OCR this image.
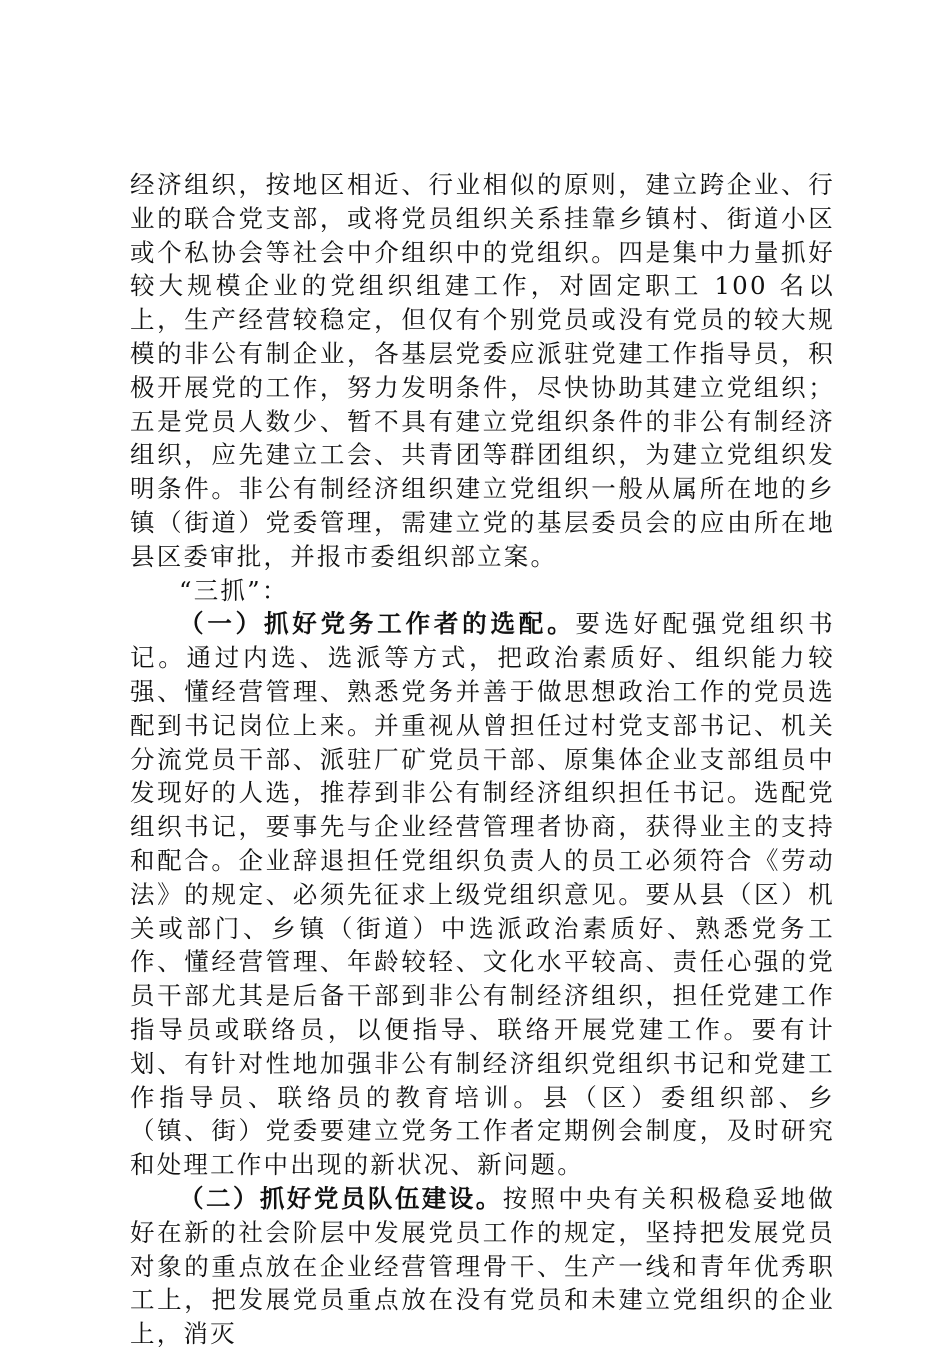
经济组织，按地区相近、行业相似的原则，建立跨企业、行业的联合党支部，或将党员组织关系挂靠乡镇村、街道小区或个私协会等社会中介组织中的党组织。四是集中力量抓好较大规模企业的党组织组建工作，对固定职工 100 名以上，生产经营较稳定，但仅有个别党员或没有党员的较大规模的非公有制企业，各基层党委应派驻党建工作指导员，积极开展党的工作，努力发明条件，尽快协助其建立党组织；五是党员人数少、暂不具有建立党组织条件的非公有制经济组织，应先建立工会、共青团等群团组织，为建立党组织发明条件。非公有制经济组织建立党组织一般从属所在地的乡镇（街道）党委管理，需建立党的基层委员会的应由所在地县区委审批，并报市委组织部立案。

“三抓”：

（一）抓好党务工作者的选配。要选好配强党组织书记。通过内选、选派等方式，把政治素质好、组织能力较强、懂经营管理、熟悉党务并善于做思想政治工作的党员选配到书记岗位上来。并重视从曾担任过村党支部书记、机关分流党员干部、派驻厂矿党员干部、原集体企业支部组员中发现好的人选，推荐到非公有制经济组织担任书记。选配党组织书记，要事先与企业经营管理者协商，获得业主的支持和配合。企业辞退担任党组织负责人的员工必须符合《劳动法》的规定、必须先征求上级党组织意见。要从县（区）机关或部门、乡镇（街道）中选派政治素质好、熟悉党务工作、懂经营管理、年龄较轻、文化水平较高、责任心强的党员干部尤其是后备干部到非公有制经济组织，担任党建工作指导员或联络员，以便指导、联络开展党建工作。要有计划、有针对性地加强非公有制经济组织党组织书记和党建工作指导员、联络员的教育培训。县（区）委组织部、乡（镇、街）党委要建立党务工作者定期例会制度，及时研究和处理工作中出现的新状况、新问题。

（二）抓好党员队伍建设。按照中央有关积极稳妥地做好在新的社会阶层中发展党员工作的规定，坚持把发展党员对象的重点放在企业经营管理骨干、生产一线和青年优秀职工上，把发展党员重点放在没有党员和未建立党组织的企业上，消灭
